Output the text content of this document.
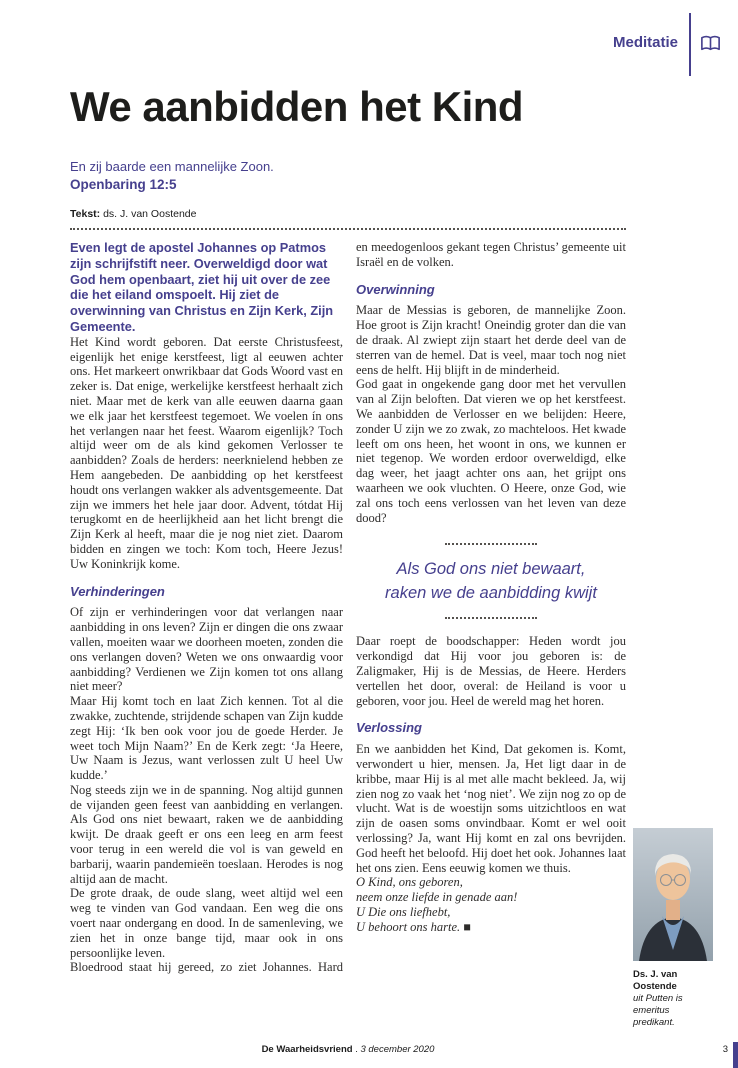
Meditatie
We aanbidden het Kind
En zij baarde een mannelijke Zoon.
Openbaring 12:5
Tekst: ds. J. van Oostende

Even legt de apostel Johannes op Patmos zijn schrijfstift neer. Overweldigd door wat God hem openbaart, ziet hij uit over de zee die het eiland omspoelt. Hij ziet de overwinning van Christus en Zijn Kerk, Zijn Gemeente.

Het Kind wordt geboren. Dat eerste Christusfeest, eigenlijk het enige kerstfeest, ligt al eeuwen achter ons. Het markeert onwrikbaar dat Gods Woord vast en zeker is. Dat enige, werkelijke kerstfeest herhaalt zich niet. Maar met de kerk van alle eeuwen daarna gaan we elk jaar het kerstfeest tegemoet. We voelen ín ons het verlangen naar het feest. Waarom eigenlijk? Toch altijd weer om de als kind gekomen Verlosser te aanbidden? Zoals de herders: neerknielend hebben ze Hem aangebeden. De aanbidding op het kerstfeest houdt ons verlangen wakker als adventsgemeente. Dat zijn we immers het hele jaar door. Advent, tótdat Hij terugkomt en de heerlijkheid aan het licht brengt die Zijn Kerk al heeft, maar die je nog niet ziet. Daarom bidden en zingen we toch: Kom toch, Heere Jezus! Uw Koninkrijk kome.

Verhinderingen

Of zijn er verhinderingen voor dat verlangen naar aanbidding in ons leven? Zijn er dingen die ons zwaar vallen, moeiten waar we doorheen moeten, zonden die ons verlangen doven? Weten we ons onwaardig voor aanbidding? Verdienen we Zijn komen tot ons allang niet meer?

Maar Hij komt toch en laat Zich kennen. Tot al die zwakke, zuchtende, strijdende schapen van Zijn kudde zegt Hij: ‘Ik ben ook voor jou de goede Herder. Je weet toch Mijn Naam?’ En de Kerk zegt: ‘Ja Heere, Uw Naam is Jezus, want verlossen zult U heel Uw kudde.’

Nog steeds zijn we in de spanning. Nog altijd gunnen de vijanden geen feest van aanbidding en verlangen. Als God ons niet bewaart, raken we de aanbidding kwijt. De draak geeft er ons een leeg en arm feest voor terug in een wereld die vol is van geweld en barbarij, waarin pandemieën toeslaan. Herodes is nog altijd aan de macht.

De grote draak, de oude slang, weet altijd wel een weg te vinden van God vandaan. Een weg die ons voert naar ondergang en dood. In de samenleving, we zien het in onze bange tijd, maar ook in ons persoonlijke leven.

Bloedrood staat hij gereed, zo ziet Johannes. Hard

en meedogenloos gekant tegen Christus’ gemeente uit Israël en de volken.

Overwinning

Maar de Messias is geboren, de mannelijke Zoon. Hoe groot is Zijn kracht! Oneindig groter dan die van de draak. Al zwiept zijn staart het derde deel van de sterren van de hemel. Dat is veel, maar toch nog niet eens de helft. Hij blijft in de minderheid.

God gaat in ongekende gang door met het vervullen van al Zijn beloften. Dat vieren we op het kerstfeest. We aanbidden de Verlosser en we belijden: Heere, zonder U zijn we zo zwak, zo machteloos. Het kwade leeft om ons heen, het woont in ons, we kunnen er niet tegenop. We worden erdoor overweldigd, elke dag weer, het jaagt achter ons aan, het grijpt ons waarheen we ook vluchten. O Heere, onze God, wie zal ons toch eens verlossen van het leven van deze dood?

Als God ons niet bewaart,
raken we de aanbidding kwijt

Daar roept de boodschapper: Heden wordt jou verkondigd dat Hij voor jou geboren is: de Zaligmaker, Hij is de Messias, de Heere. Herders vertellen het door, overal: de Heiland is voor u geboren, voor jou. Heel de wereld mag het horen.

Verlossing

En we aanbidden het Kind, Dat gekomen is. Komt, verwondert u hier, mensen. Ja, Het ligt daar in de kribbe, maar Hij is al met alle macht bekleed. Ja, wij zien nog zo vaak het ‘nog niet’. We zijn nog zo op de vlucht. Wat is de woestijn soms uitzichtloos en wat zijn de oasen soms onvindbaar. Komt er wel ooit verlossing? Ja, want Hij komt en zal ons bevrijden. God heeft het beloofd. Hij doet het ook. Johannes laat het ons zien. Eens eeuwig komen we thuis.

O Kind, ons geboren,

neem onze liefde in genade aan!

U Die ons liefhebt,

U behoort ons harte. ■

Ds. J. van Oostende
uit Putten is emeritus predikant.
De Waarheidsvriend . 3 december 2020	3
